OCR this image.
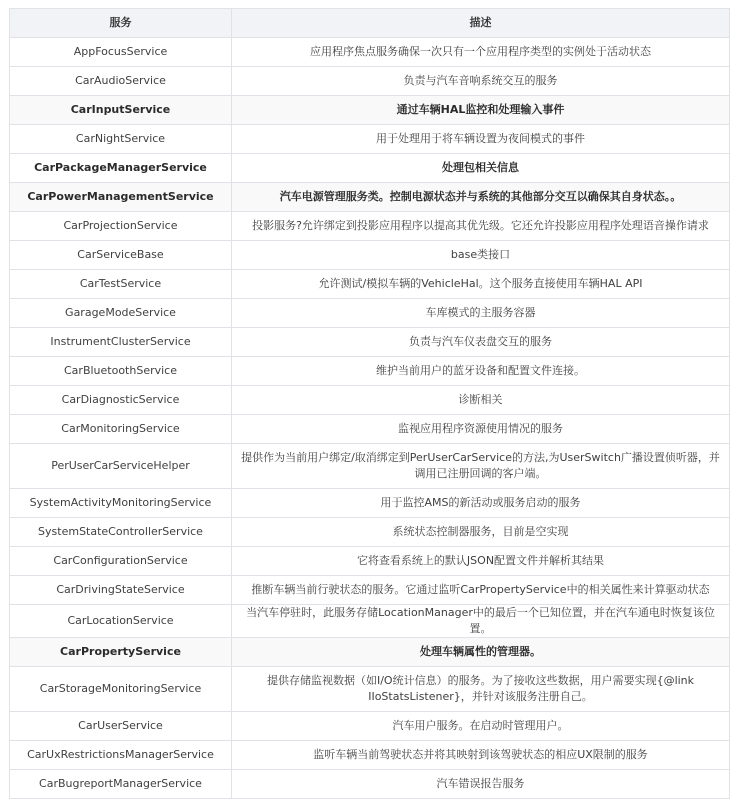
服务	描述
AppFocusService	应用程序焦点服务确保一次只有一个应用程序类型的实例处于活动状态
CarAudioService	负责与汽车音响系统交互的服务
CarInputService	通过车辆HAL监控和处理输入事件
CarNightService	用于处理用于将车辆设置为夜间模式的事件
CarPackageManagerService	处理包相关信息
CarPowerManagementService	汽车电源管理服务类。控制电源状态并与系统的其他部分交互以确保其自身状态。。
CarProjectionService	投影服务?允许绑定到投影应用程序以提高其优先级。它还允许投影应用程序处理语音操作请求
CarServiceBase	base类接口
CarTestService	允许测试/模拟车辆的VehicleHal。这个服务直接使用车辆HAL API
GarageModeService	车库模式的主服务容器
InstrumentClusterService	负责与汽车仪表盘交互的服务
CarBluetoothService	维护当前用户的蓝牙设备和配置文件连接。
CarDiagnosticService	诊断相关
CarMonitoringService	监视应用程序资源使用情况的服务
PerUserCarServiceHelper	提供作为当前用户绑定/取消绑定到PerUserCarService的方法,为UserSwitch广播设置侦听器，并调用已注册回调的客户端。
SystemActivityMonitoringService	用于监控AMS的新活动或服务启动的服务
SystemStateControllerService	系统状态控制器服务，目前是空实现
CarConfigurationService	它将查看系统上的默认JSON配置文件并解析其结果
CarDrivingStateService	推断车辆当前行驶状态的服务。它通过监听CarPropertyService中的相关属性来计算驱动状态
CarLocationService	当汽车停驻时，此服务存储LocationManager中的最后一个已知位置，并在汽车通电时恢复该位置。
CarPropertyService	处理车辆属性的管理器。
CarStorageMonitoringService	提供存储监视数据（如I/O统计信息）的服务。为了接收这些数据，用户需要实现{@link IIoStatsListener}，并针对该服务注册自己。
CarUserService	汽车用户服务。在启动时管理用户。
CarUxRestrictionsManagerService	监听车辆当前驾驶状态并将其映射到该驾驶状态的相应UX限制的服务
CarBugreportManagerService	汽车错误报告服务
